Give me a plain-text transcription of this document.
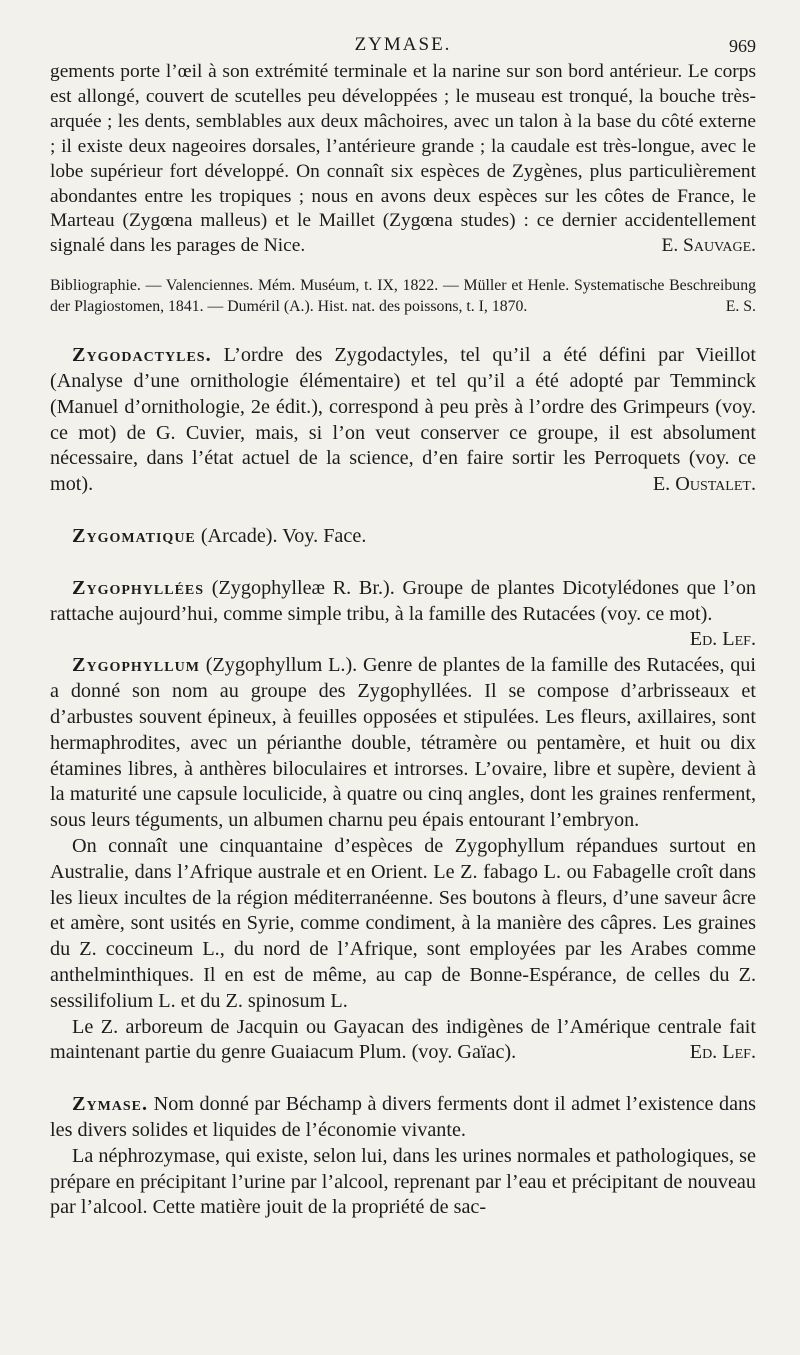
ZYMASE.	969

gements porte l’œil à son extrémité terminale et la narine sur son bord antérieur. Le corps est allongé, couvert de scutelles peu développées ; le museau est tronqué, la bouche très-arquée ; les dents, semblables aux deux mâchoires, avec un talon à la base du côté externe ; il existe deux nageoires dorsales, l’antérieure grande ; la caudale est très-longue, avec le lobe supérieur fort développé. On connaît six espèces de Zygènes, plus particulièrement abondantes entre les tropiques ; nous en avons deux espèces sur les côtes de France, le Marteau (Zygœna malleus) et le Maillet (Zygœna studes) : ce dernier accidentellement signalé dans les parages de Nice.	E. Sauvage.

Bibliographie. — Valenciennes. Mém. Muséum, t. IX, 1822. — Müller et Henle. Systematische Beschreibung der Plagiostomen, 1841. — Duméril (A.). Hist. nat. des poissons, t. I, 1870.	E. S.

Zygodactyles. L’ordre des Zygodactyles, tel qu’il a été défini par Vieillot (Analyse d’une ornithologie élémentaire) et tel qu’il a été adopté par Temminck (Manuel d’ornithologie, 2e édit.), correspond à peu près à l’ordre des Grimpeurs (voy. ce mot) de G. Cuvier, mais, si l’on veut conserver ce groupe, il est absolument nécessaire, dans l’état actuel de la science, d’en faire sortir les Perroquets (voy. ce mot).	E. Oustalet.

Zygomatique (Arcade). Voy. Face.

Zygophyllées (Zygophylleæ R. Br.). Groupe de plantes Dicotylédones que l’on rattache aujourd’hui, comme simple tribu, à la famille des Rutacées (voy. ce mot).
Ed. Lef.

Zygophyllum (Zygophyllum L.). Genre de plantes de la famille des Rutacées, qui a donné son nom au groupe des Zygophyllées. Il se compose d’arbrisseaux et d’arbustes souvent épineux, à feuilles opposées et stipulées. Les fleurs, axillaires, sont hermaphrodites, avec un périanthe double, tétramère ou pentamère, et huit ou dix étamines libres, à anthères biloculaires et introrses. L’ovaire, libre et supère, devient à la maturité une capsule loculicide, à quatre ou cinq angles, dont les graines renferment, sous leurs téguments, un albumen charnu peu épais entourant l’embryon.

On connaît une cinquantaine d’espèces de Zygophyllum répandues surtout en Australie, dans l’Afrique australe et en Orient. Le Z. fabago L. ou Fabagelle croît dans les lieux incultes de la région méditerranéenne. Ses boutons à fleurs, d’une saveur âcre et amère, sont usités en Syrie, comme condiment, à la manière des câpres. Les graines du Z. coccineum L., du nord de l’Afrique, sont employées par les Arabes comme anthelminthiques. Il en est de même, au cap de Bonne-Espérance, de celles du Z. sessilifolium L. et du Z. spinosum L.

Le Z. arboreum de Jacquin ou Gayacan des indigènes de l’Amérique centrale fait maintenant partie du genre Guaiacum Plum. (voy. Gaïac).	Ed. Lef.

Zymase. Nom donné par Béchamp à divers ferments dont il admet l’existence dans les divers solides et liquides de l’économie vivante.

La néphrozymase, qui existe, selon lui, dans les urines normales et pathologiques, se prépare en précipitant l’urine par l’alcool, reprenant par l’eau et précipitant de nouveau par l’alcool. Cette matière jouit de la propriété de sac-
